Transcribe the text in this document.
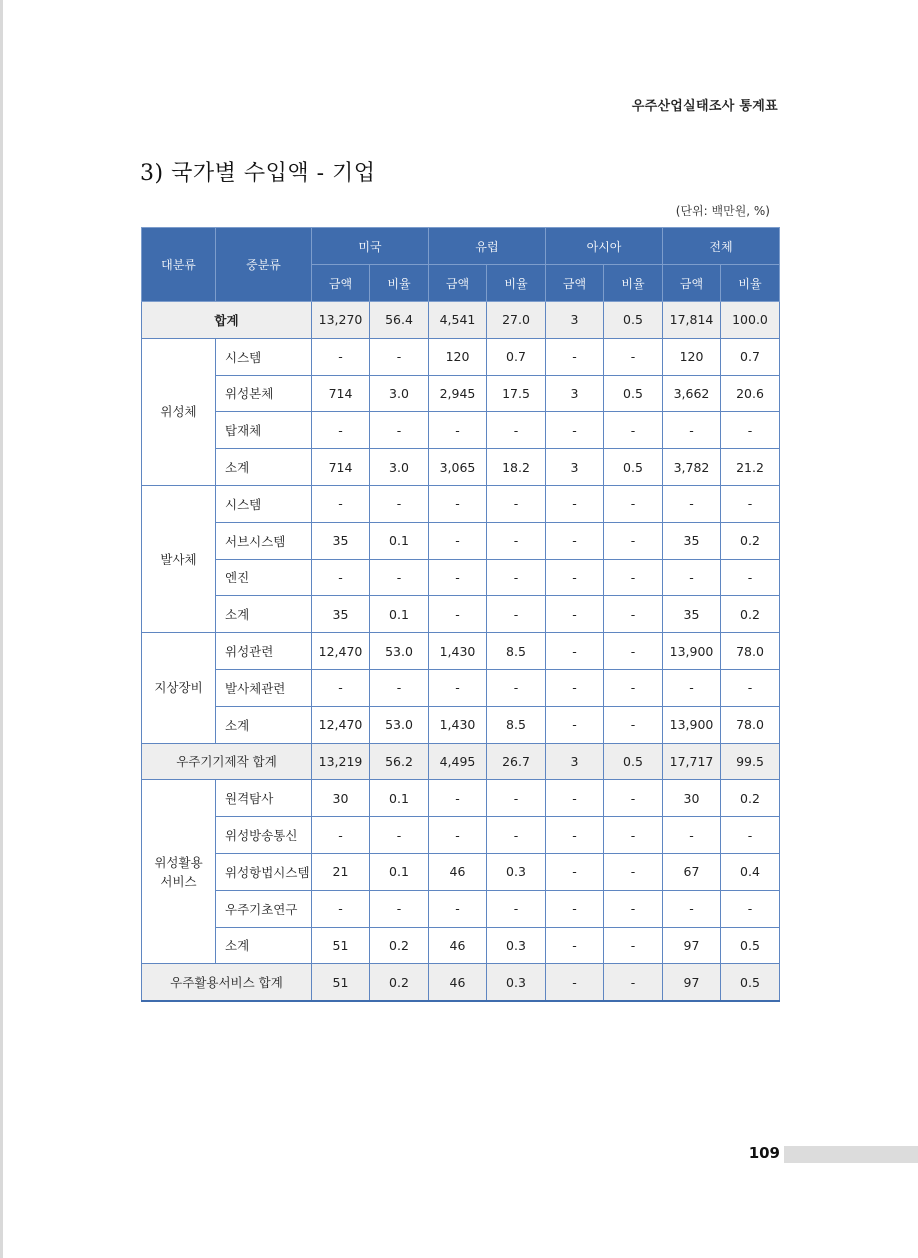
우주산업실태조사 통계표
3) 국가별 수입액 - 기업
(단위: 백만원, %)
대분류	중분류	미국		유럽		아시아		전체	
		금액	비율	금액	비율	금액	비율	금액	비율
합계		13,270	56.4	4,541	27.0	3	0.5	17,814	100.0
위성체	시스템	-	-	120	0.7	-	-	120	0.7
	위성본체	714	3.0	2,945	17.5	3	0.5	3,662	20.6
	탑재체	-	-	-	-	-	-	-	-
	소계	714	3.0	3,065	18.2	3	0.5	3,782	21.2
발사체	시스템	-	-	-	-	-	-	-	-
	서브시스템	35	0.1	-	-	-	-	35	0.2
	엔진	-	-	-	-	-	-	-	-
	소계	35	0.1	-	-	-	-	35	0.2
지상장비	위성관련	12,470	53.0	1,430	8.5	-	-	13,900	78.0
	발사체관련	-	-	-	-	-	-	-	-
	소계	12,470	53.0	1,430	8.5	-	-	13,900	78.0
우주기기제작 합계		13,219	56.2	4,495	26.7	3	0.5	17,717	99.5
위성활용
서비스	원격탐사	30	0.1	-	-	-	-	30	0.2
	위성방송통신	-	-	-	-	-	-	-	-
	위성항법시스템	21	0.1	46	0.3	-	-	67	0.4
	우주기초연구	-	-	-	-	-	-	-	-
	소계	51	0.2	46	0.3	-	-	97	0.5
우주활용서비스 합계		51	0.2	46	0.3	-	-	97	0.5
109
